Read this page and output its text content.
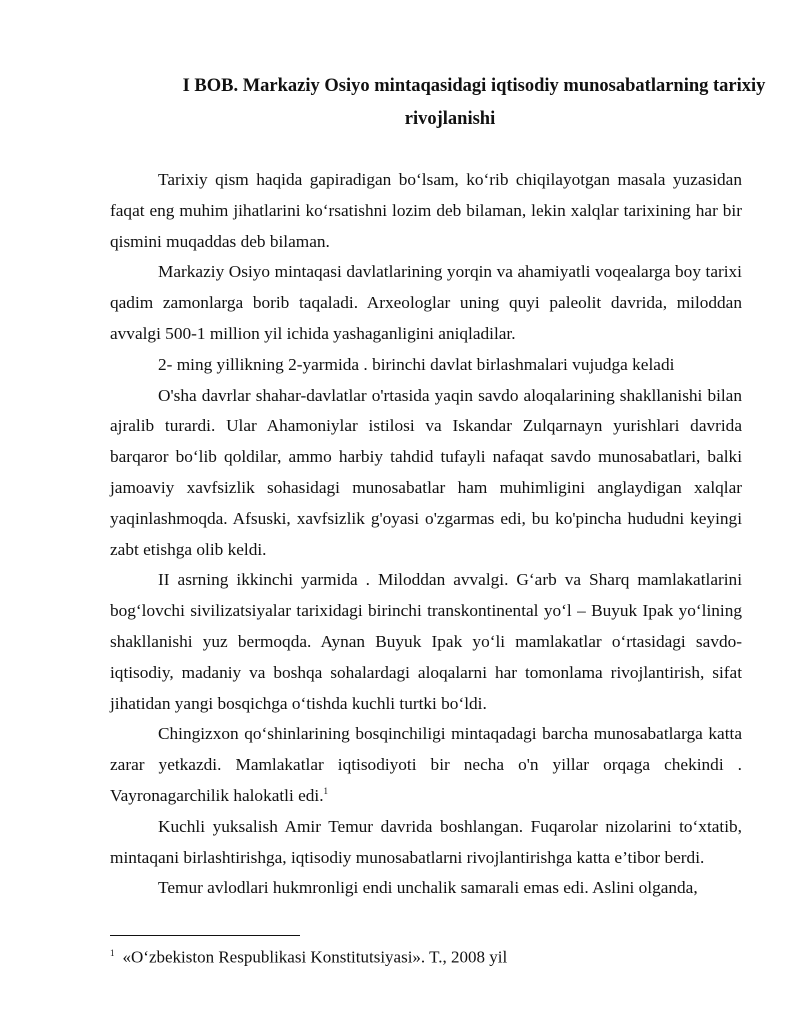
I BOB. Markaziy Osiyo mintaqasidagi iqtisodiy munosabatlarning tarixiy
rivojlanishi

Tarixiy qism haqida gapiradigan bo‘lsam, ko‘rib chiqilayotgan masala yuzasidan faqat eng muhim jihatlarini ko‘rsatishni lozim deb bilaman, lekin xalqlar tarixining har bir qismini muqaddas deb bilaman.

Markaziy Osiyo mintaqasi davlatlarining yorqin va ahamiyatli voqealarga boy tarixi qadim zamonlarga borib taqaladi. Arxeologlar uning quyi paleolit davrida, miloddan avvalgi 500-1 million yil ichida yashaganligini aniqladilar.

2- ming yillikning 2-yarmida . birinchi davlat birlashmalari vujudga keladi

O'sha davrlar shahar-davlatlar o'rtasida yaqin savdo aloqalarining shakllanishi bilan ajralib turardi. Ular Ahamoniylar istilosi va Iskandar Zulqarnayn yurishlari davrida barqaror bo‘lib qoldilar, ammo harbiy tahdid tufayli nafaqat savdo munosabatlari, balki jamoaviy xavfsizlik sohasidagi munosabatlar ham muhimligini anglaydigan xalqlar yaqinlashmoqda. Afsuski, xavfsizlik g'oyasi o'zgarmas edi, bu ko'pincha hududni keyingi zabt etishga olib keldi.

II asrning ikkinchi yarmida . Miloddan avvalgi. G‘arb va Sharq mamlakatlarini bog‘lovchi sivilizatsiyalar tarixidagi birinchi transkontinental yo‘l – Buyuk Ipak yo‘lining shakllanishi yuz bermoqda. Aynan Buyuk Ipak yo‘li mamlakatlar o‘rtasidagi savdo-iqtisodiy, madaniy va boshqa sohalardagi aloqalarni har tomonlama rivojlantirish, sifat jihatidan yangi bosqichga o‘tishda kuchli turtki bo‘ldi.

Chingizxon qo‘shinlarining bosqinchiligi mintaqadagi barcha munosabatlarga katta zarar yetkazdi. Mamlakatlar iqtisodiyoti bir necha o'n yillar orqaga chekindi . Vayronagarchilik halokatli edi.$^1$

Kuchli yuksalish Amir Temur davrida boshlangan. Fuqarolar nizolarini to‘xtatib, mintaqani birlashtirishga, iqtisodiy munosabatlarni rivojlantirishga katta e’tibor berdi.

Temur avlodlari hukmronligi endi unchalik samarali emas edi. Aslini olganda,

$^1$ «O‘zbekiston Respublikasi Konstitutsiyasi». T., 2008 yil
